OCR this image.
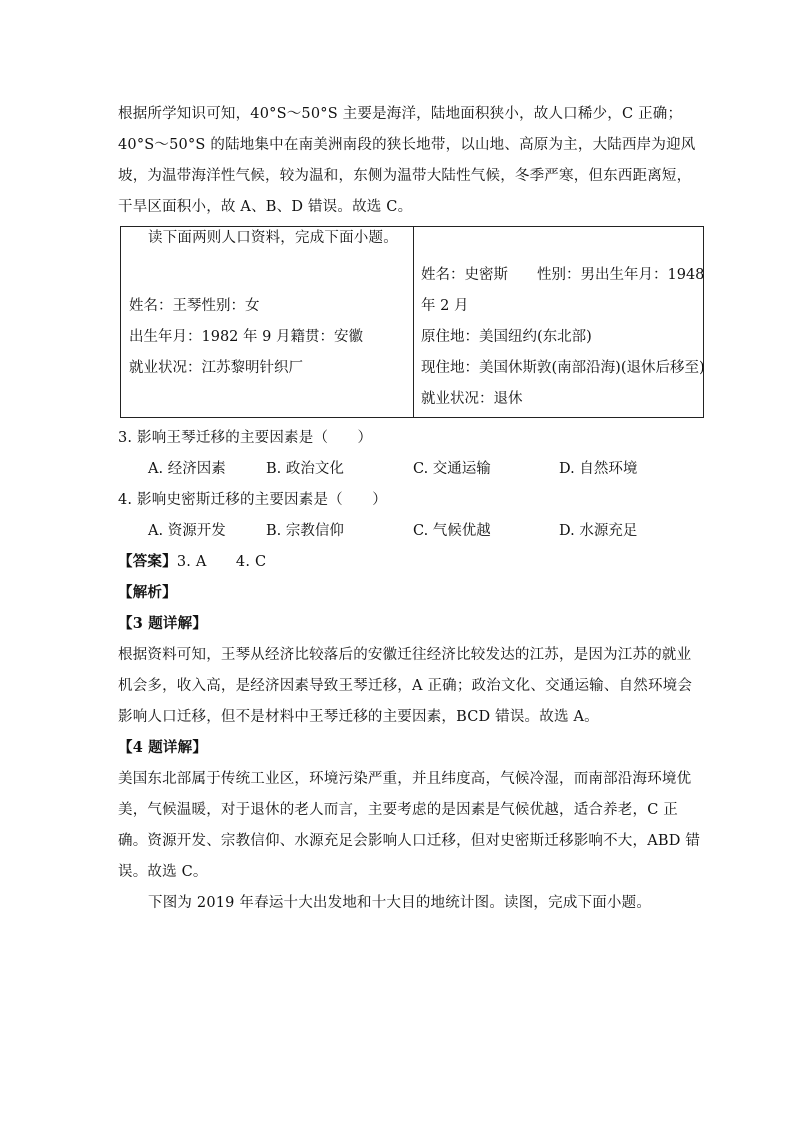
根据所学知识可知，40°S～50°S 主要是海洋，陆地面积狭小，故人口稀少，C 正确；
40°S～50°S 的陆地集中在南美洲南段的狭长地带，以山地、高原为主，大陆西岸为迎风
坡，为温带海洋性气候，较为温和，东侧为温带大陆性气候，冬季严寒，但东西距离短，
干旱区面积小，故 A、B、D 错误。故选 C。
读下面两则人口资料，完成下面小题。
姓名：王琴性别：女
出生年月：1982 年 9 月籍贯：安徽
就业状况：江苏黎明针织厂
姓名：史密斯　　性别：男出生年月：1948
年 2 月
原住地：美国纽约(东北部)
现住地：美国休斯敦(南部沿海)(退休后移至)
就业状况：退休
3. 影响王琴迁移的主要因素是（　　）
A. 经济因素	B. 政治文化	C. 交通运输	D. 自然环境
4. 影响史密斯迁移的主要因素是（　　）
A. 资源开发	B. 宗教信仰	C. 气候优越	D. 水源充足
【答案】3. A　　4. C
【解析】
【3 题详解】
根据资料可知，王琴从经济比较落后的安徽迁往经济比较发达的江苏，是因为江苏的就业
机会多，收入高，是经济因素导致王琴迁移，A 正确；政治文化、交通运输、自然环境会
影响人口迁移，但不是材料中王琴迁移的主要因素，BCD 错误。故选 A。
【4 题详解】
美国东北部属于传统工业区，环境污染严重，并且纬度高，气候冷湿，而南部沿海环境优
美，气候温暖，对于退休的老人而言，主要考虑的是因素是气候优越，适合养老，C 正
确。资源开发、宗教信仰、水源充足会影响人口迁移，但对史密斯迁移影响不大，ABD 错
误。故选 C。
下图为 2019 年春运十大出发地和十大目的地统计图。读图，完成下面小题。
